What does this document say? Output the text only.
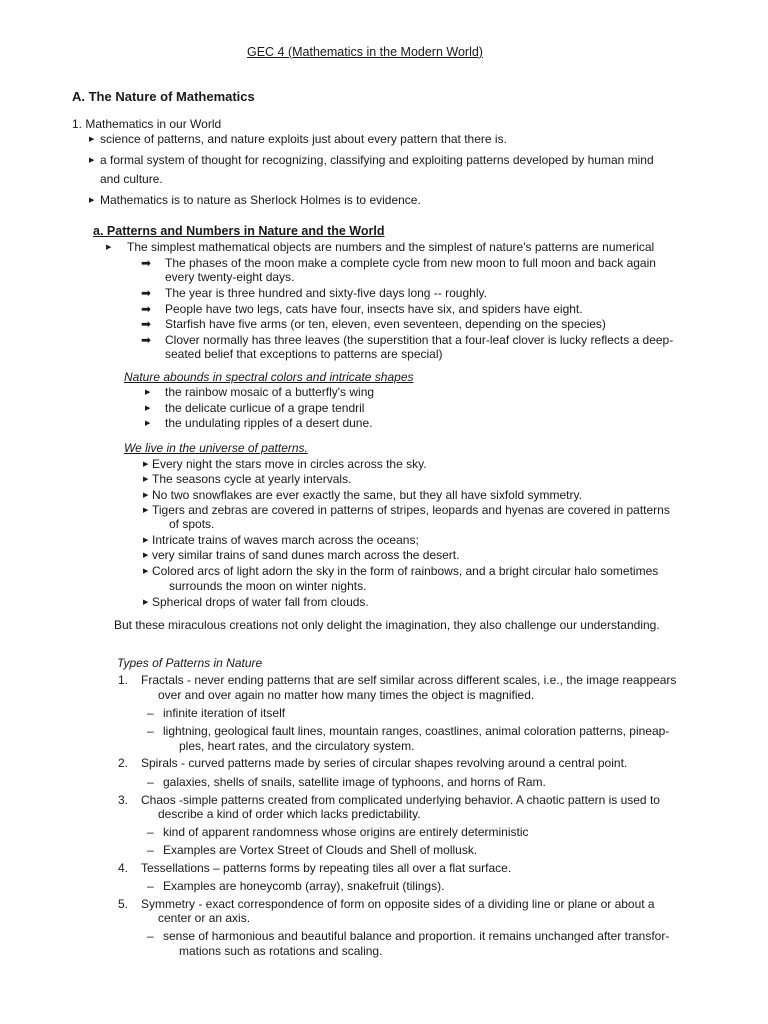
GEC 4 (Mathematics in the Modern World)
A. The Nature of Mathematics
1. Mathematics in our World
▶ science of patterns, and nature exploits just about every pattern that there is.
▶ a formal system of thought for recognizing, classifying and exploiting patterns developed by human mind
and culture.
▶ Mathematics is to nature as Sherlock Holmes is to evidence.
a. Patterns and Numbers in Nature and the World
▶ The simplest mathematical objects are numbers and the simplest of nature's patterns are numerical
➡ The phases of the moon make a complete cycle from new moon to full moon and back again
every twenty-eight days.
➡ The year is three hundred and sixty-five days long -- roughly.
➡ People have two legs, cats have four, insects have six, and spiders have eight.
➡ Starfish have five arms (or ten, eleven, even seventeen, depending on the species)
➡ Clover normally has three leaves (the superstition that a four-leaf clover is lucky reflects a deep-
seated belief that exceptions to patterns are special)
Nature abounds in spectral colors and intricate shapes
▶ the rainbow mosaic of a butterfly's wing
▶ the delicate curlicue of a grape tendril
▶ the undulating ripples of a desert dune.
We live in the universe of patterns.
▶ Every night the stars move in circles across the sky.
▶ The seasons cycle at yearly intervals.
▶ No two snowflakes are ever exactly the same, but they all have sixfold symmetry.
▶ Tigers and zebras are covered in patterns of stripes, leopards and hyenas are covered in patterns
of spots.
▶ Intricate trains of waves march across the oceans;
▶ very similar trains of sand dunes march across the desert.
▶ Colored arcs of light adorn the sky in the form of rainbows, and a bright circular halo sometimes
surrounds the moon on winter nights.
▶ Spherical drops of water fall from clouds.
But these miraculous creations not only delight the imagination, they also challenge our understanding.
Types of Patterns in Nature
1. Fractals - never ending patterns that are self similar across different scales, i.e., the image reappears
over and over again no matter how many times the object is magnified.
– infinite iteration of itself
– lightning, geological fault lines, mountain ranges, coastlines, animal coloration patterns, pineap-
ples, heart rates, and the circulatory system.
2. Spirals - curved patterns made by series of circular shapes revolving around a central point.
– galaxies, shells of snails, satellite image of typhoons, and horns of Ram.
3. Chaos -simple patterns created from complicated underlying behavior. A chaotic pattern is used to
describe a kind of order which lacks predictability.
– kind of apparent randomness whose origins are entirely deterministic
– Examples are Vortex Street of Clouds and Shell of mollusk.
4. Tessellations – patterns forms by repeating tiles all over a flat surface.
– Examples are honeycomb (array), snakefruit (tilings).
5. Symmetry - exact correspondence of form on opposite sides of a dividing line or plane or about a
center or an axis.
– sense of harmonious and beautiful balance and proportion. it remains unchanged after transfor-
mations such as rotations and scaling.
